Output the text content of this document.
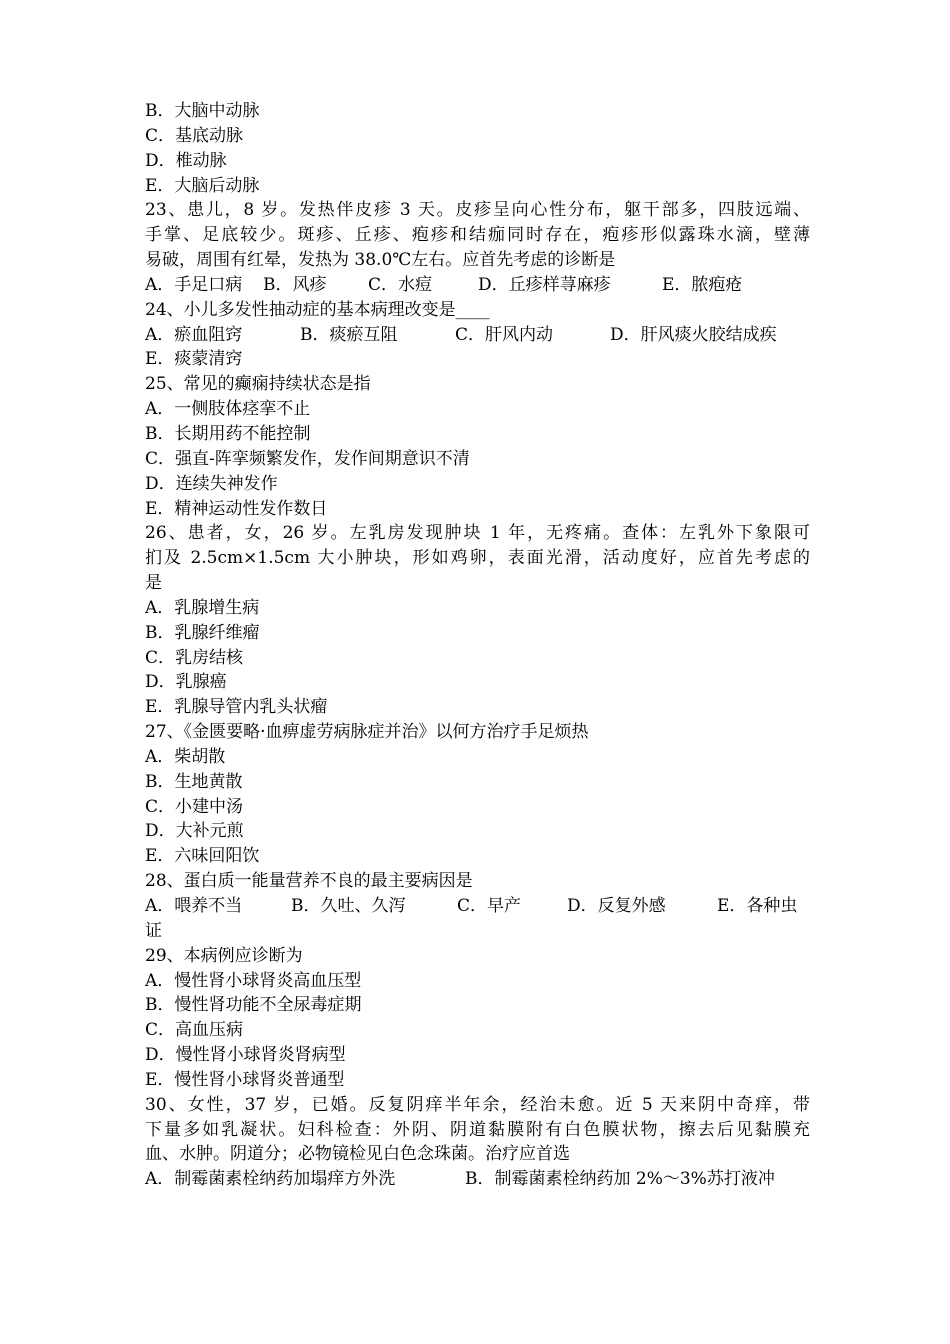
B．大脑中动脉
C．基底动脉
D．椎动脉
E．大脑后动脉
23、患儿，8 岁。发热伴皮疹 3 天。皮疹呈向心性分布，躯干部多，四肢远端、
手掌、足底较少。斑疹、丘疹、疱疹和结痂同时存在，疱疹形似露珠水滴，壁薄
易破，周围有红晕，发热为 38.0℃左右。应首先考虑的诊断是
A．手足口病	B．风疹	C．水痘	D．丘疹样荨麻疹	E．脓疱疮
24、小儿多发性抽动症的基本病理改变是____
A．瘀血阻窍	B．痰瘀互阻	C．肝风内动	D．肝风痰火胶结成疾
E．痰蒙清窍
25、常见的癫痫持续状态是指
A．一侧肢体痉挛不止
B．长期用药不能控制
C．强直-阵挛频繁发作，发作间期意识不清
D．连续失神发作
E．精神运动性发作数日
26、患者，女，26 岁。左乳房发现肿块 1 年，无疼痛。查体：左乳外下象限可
扪及 2.5cm×1.5cm 大小肿块，形如鸡卵，表面光滑，活动度好，应首先考虑的
是
A．乳腺增生病
B．乳腺纤维瘤
C．乳房结核
D．乳腺癌
E．乳腺导管内乳头状瘤
27、《金匮要略·血痹虚劳病脉症并治》以何方治疗手足烦热
A．柴胡散
B．生地黄散
C．小建中汤
D．大补元煎
E．六味回阳饮
28、蛋白质一能量营养不良的最主要病因是
A．喂养不当	B．久吐、久泻	C．早产	D．反复外感	E．各种虫
证
29、本病例应诊断为
A．慢性肾小球肾炎高血压型
B．慢性肾功能不全尿毒症期
C．高血压病
D．慢性肾小球肾炎肾病型
E．慢性肾小球肾炎普通型
30、女性，37 岁，已婚。反复阴痒半年余，经治未愈。近 5 天来阴中奇痒，带
下量多如乳凝状。妇科检查：外阴、阴道黏膜附有白色膜状物，擦去后见黏膜充
血、水肿。阴道分；必物镜检见白色念珠菌。治疗应首选
A．制霉菌素栓纳药加塌痒方外洗	B．制霉菌素栓纳药加 2%～3%苏打液冲
